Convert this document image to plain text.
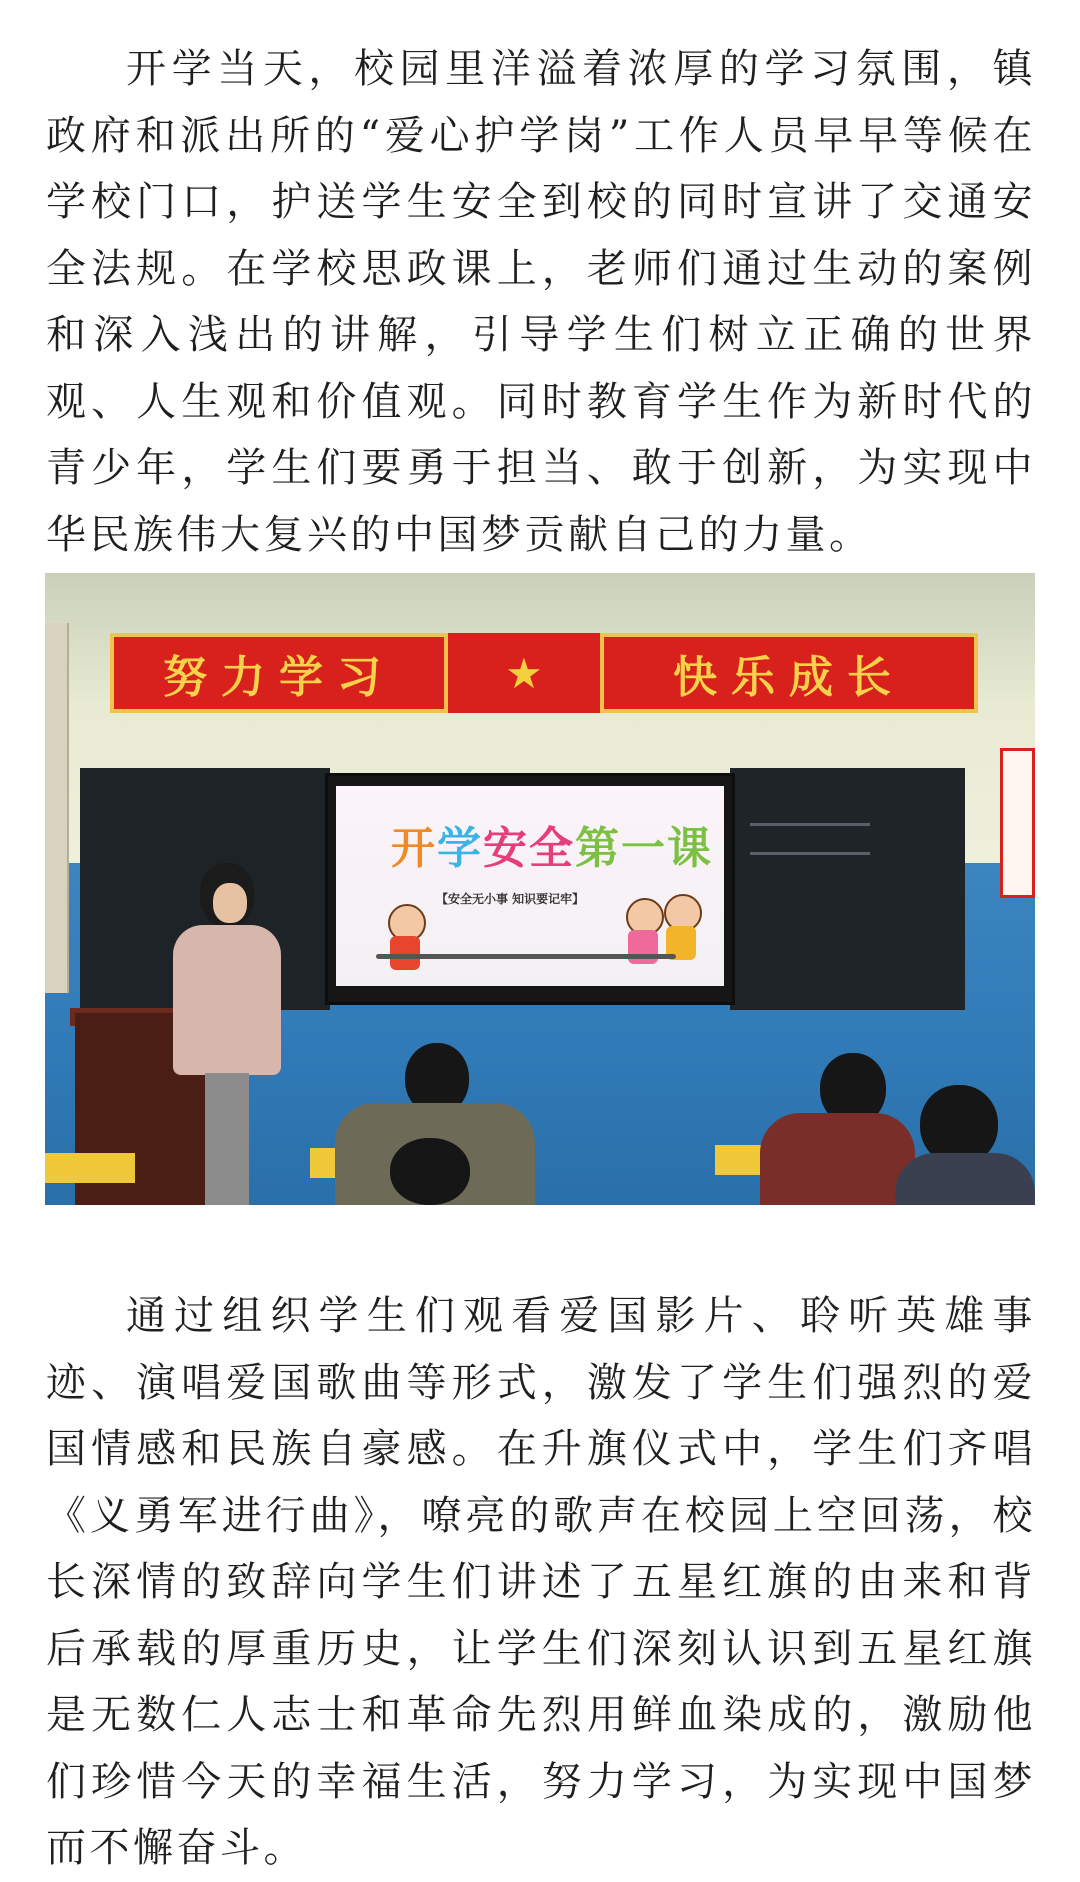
开学当天，校园里洋溢着浓厚的学习氛围，镇政府和派出所的“爱心护学岗”工作人员早早等候在学校门口，护送学生安全到校的同时宣讲了交通安全法规。在学校思政课上，老师们通过生动的案例和深入浅出的讲解，引导学生们树立正确的世界观、人生观和价值观。同时教育学生作为新时代的青少年，学生们要勇于担当、敢于创新，为实现中华民族伟大复兴的中国梦贡献自己的力量。

努力学习	★	快乐成长
开学安全第一课
【安全无小事 知识要记牢】

通过组织学生们观看爱国影片、聆听英雄事迹、演唱爱国歌曲等形式，激发了学生们强烈的爱国情感和民族自豪感。在升旗仪式中，学生们齐唱《义勇军进行曲》，嘹亮的歌声在校园上空回荡，校长深情的致辞向学生们讲述了五星红旗的由来和背后承载的厚重历史，让学生们深刻认识到五星红旗是无数仁人志士和革命先烈用鲜血染成的，激励他们珍惜今天的幸福生活，努力学习，为实现中国梦而不懈奋斗。
